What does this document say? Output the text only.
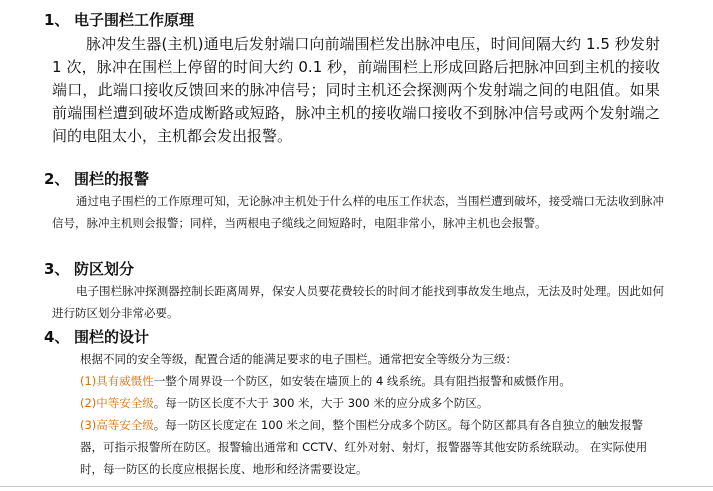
1、 电子围栏工作原理

脉冲发生器(主机)通电后发射端口向前端围栏发出脉冲电压，时间间隔大约 1.5 秒发射 1 次，脉冲在围栏上停留的时间大约 0.1 秒，前端围栏上形成回路后把脉冲回到主机的接收端口，此端口接收反馈回来的脉冲信号；同时主机还会探测两个发射端之间的电阻值。如果前端围栏遭到破坏造成断路或短路，脉冲主机的接收端口接收不到脉冲信号或两个发射端之间的电阻太小，主机都会发出报警。

2、 围栏的报警

通过电子围栏的工作原理可知，无论脉冲主机处于什么样的电压工作状态，当围栏遭到破坏，接受端口无法收到脉冲信号，脉冲主机则会报警；同样，当两根电子缆线之间短路时，电阻非常小，脉冲主机也会报警。

3、 防区划分

电子围栏脉冲探测器控制长距离周界，保安人员要花费较长的时间才能找到事故发生地点，无法及时处理。因此如何进行防区划分非常必要。

4、 围栏的设计
根据不同的安全等级，配置合适的能满足要求的电子围栏。通常把安全等级分为三级：
(1)具有威慑性一整个周界设一个防区，如安装在墙顶上的 4 线系统。具有阻挡报警和威慑作用。
(2)中等安全级。每一防区长度不大于 300 米，大于 300 米的应分成多个防区。
(3)高等安全级。每一防区长度定在 100 米之间，整个围栏分成多个防区。每个防区都具有各自独立的触发报警器，可指示报警所在防区。报警输出通常和 CCTV、红外对射、射灯，报警器等其他安防系统联动。 在实际使用时，每一防区的长度应根据长度、地形和经济需要设定。
